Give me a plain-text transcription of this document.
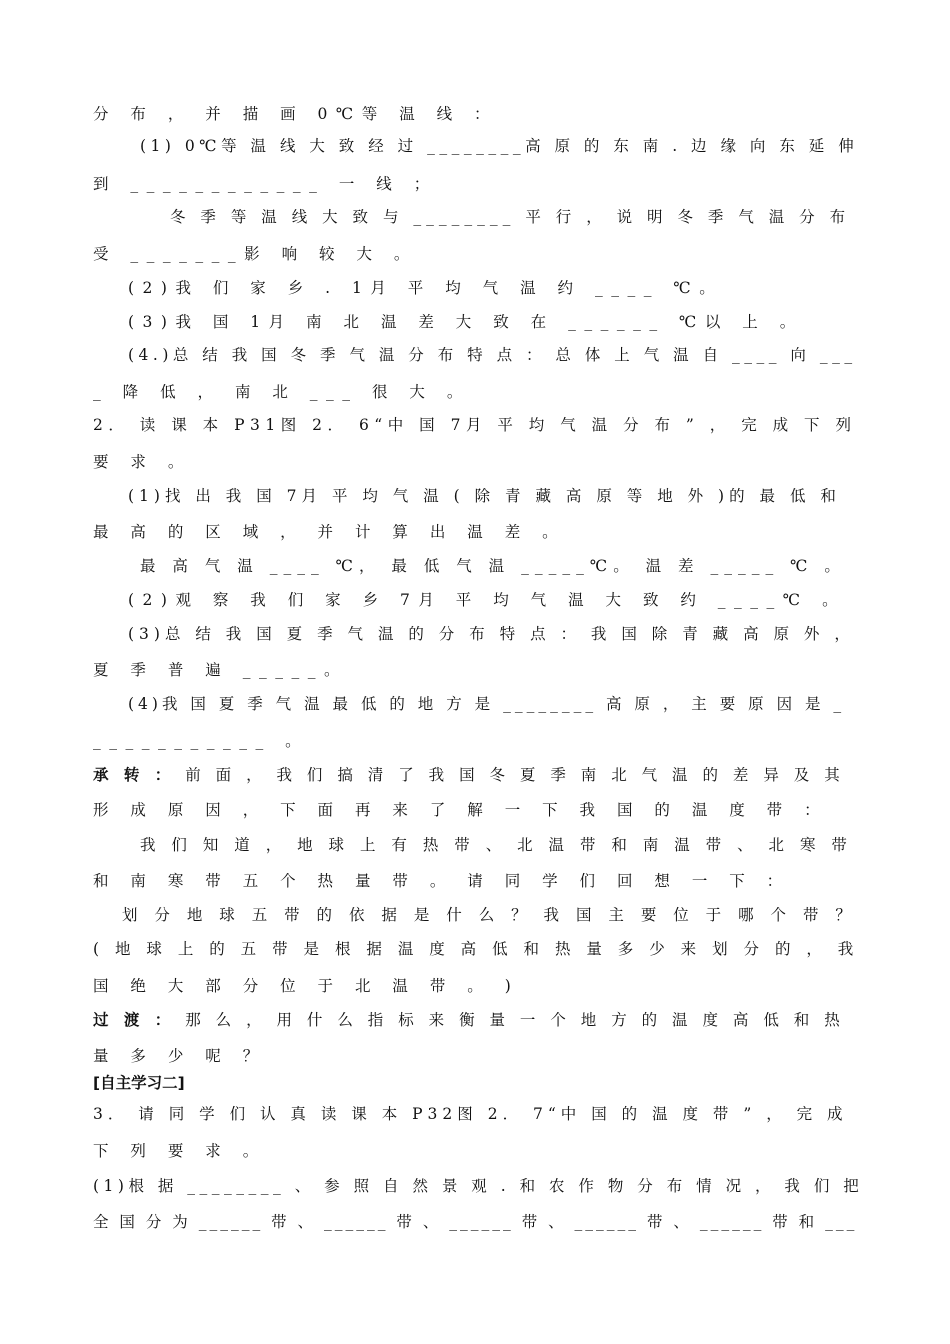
分 布 ， 并 描 画 0℃等 温 线 ：
(1) 0℃等 温 线 大 致 经 过 ________高 原 的 东 南 . 边 缘 向 东 延 伸
到 ____________ 一 线 ；
冬 季 等 温 线 大 致 与 ________ 平 行 ， 说 明 冬 季 气 温 分 布
受 _______影 响 较 大 。
(2)我 们 家 乡 . 1月 平 均 气 温 约 ____ ℃。
(3)我 国 1月 南 北 温 差 大 致 在 ______ ℃以 上 。
(4.)总 结 我 国 冬 季 气 温 分 布 特 点 ： 总 体 上 气 温 自 ____ 向 ___
_ 降 低 ， 南 北 ___ 很 大 。
2． 读 课 本 P31图 2． 6“中 国 7月 平 均 气 温 分 布 ” ， 完 成 下 列
要 求 。
(1)找 出 我 国 7月 平 均 气 温 ( 除 青 藏 高 原 等 地 外 )的 最 低 和
最 高 的 区 域 ， 并 计 算 出 温 差 。
最 高 气 温 ____ ℃， 最 低 气 温 _____℃。 温 差 _____ ℃ 。
(2)观 察 我 们 家 乡 7月 平 均 气 温 大 致 约 ____℃ 。
(3)总 结 我 国 夏 季 气 温 的 分 布 特 点 ： 我 国 除 青 藏 高 原 外 ，
夏 季 普 遍 _____。
(4)我 国 夏 季 气 温 最 低 的 地 方 是 ________ 高 原 ， 主 要 原 因 是 _
___________ 。
承 转 ： 前 面 ， 我 们 搞 清 了 我 国 冬 夏 季 南 北 气 温 的 差 异 及 其
形 成 原 因 ， 下 面 再 来 了 解 一 下 我 国 的 温 度 带 ：
我 们 知 道 ， 地 球 上 有 热 带 、 北 温 带 和 南 温 带 、 北 寒 带
和 南 寒 带 五 个 热 量 带 。 请 同 学 们 回 想 一 下 ：
划 分 地 球 五 带 的 依 据 是 什 么 ？ 我 国 主 要 位 于 哪 个 带 ？
( 地 球 上 的 五 带 是 根 据 温 度 高 低 和 热 量 多 少 来 划 分 的 ， 我
国 绝 大 部 分 位 于 北 温 带 。 )
过 渡 ： 那 么 ， 用 什 么 指 标 来 衡 量 一 个 地 方 的 温 度 高 低 和 热
量 多 少 呢 ？
[自主学习二]
3． 请 同 学 们 认 真 读 课 本 P32图 2． 7“中 国 的 温 度 带 ” ， 完 成
下 列 要 求 。
(1)根 据 ________ 、 参 照 自 然 景 观 . 和 农 作 物 分 布 情 况 ， 我 们 把
全 国 分 为 ______ 带 、 ______ 带 、 ______ 带 、 ______ 带 、 ______ 带 和 ___
